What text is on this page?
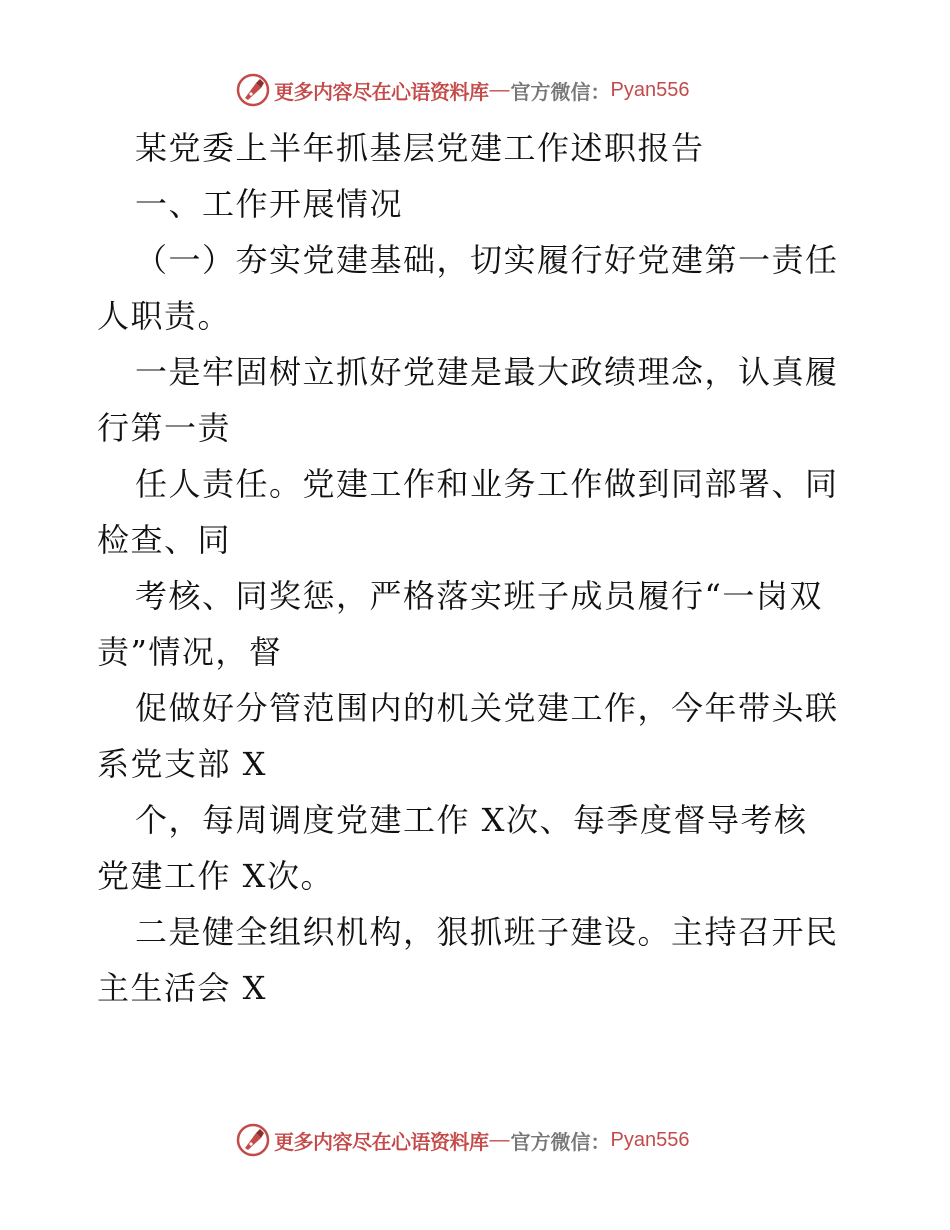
更多内容尽在心语资料库 — 官方微信： Pyan556
某党委上半年抓基层党建工作述职报告
一、工作开展情况
（一）夯实党建基础，切实履行好党建第一责任
人职责。
一是牢固树立抓好党建是最大政绩理念，认真履
行第一责
任人责任。党建工作和业务工作做到同部署、同
检查、同
考核、同奖惩，严格落实班子成员履行“一岗双
责”情况，督
促做好分管范围内的机关党建工作，今年带头联
系党支部 X
个，每周调度党建工作 X次、每季度督导考核
党建工作 X次。
二是健全组织机构，狠抓班子建设。主持召开民
主生活会 X
更多内容尽在心语资料库 — 官方微信： Pyan556
